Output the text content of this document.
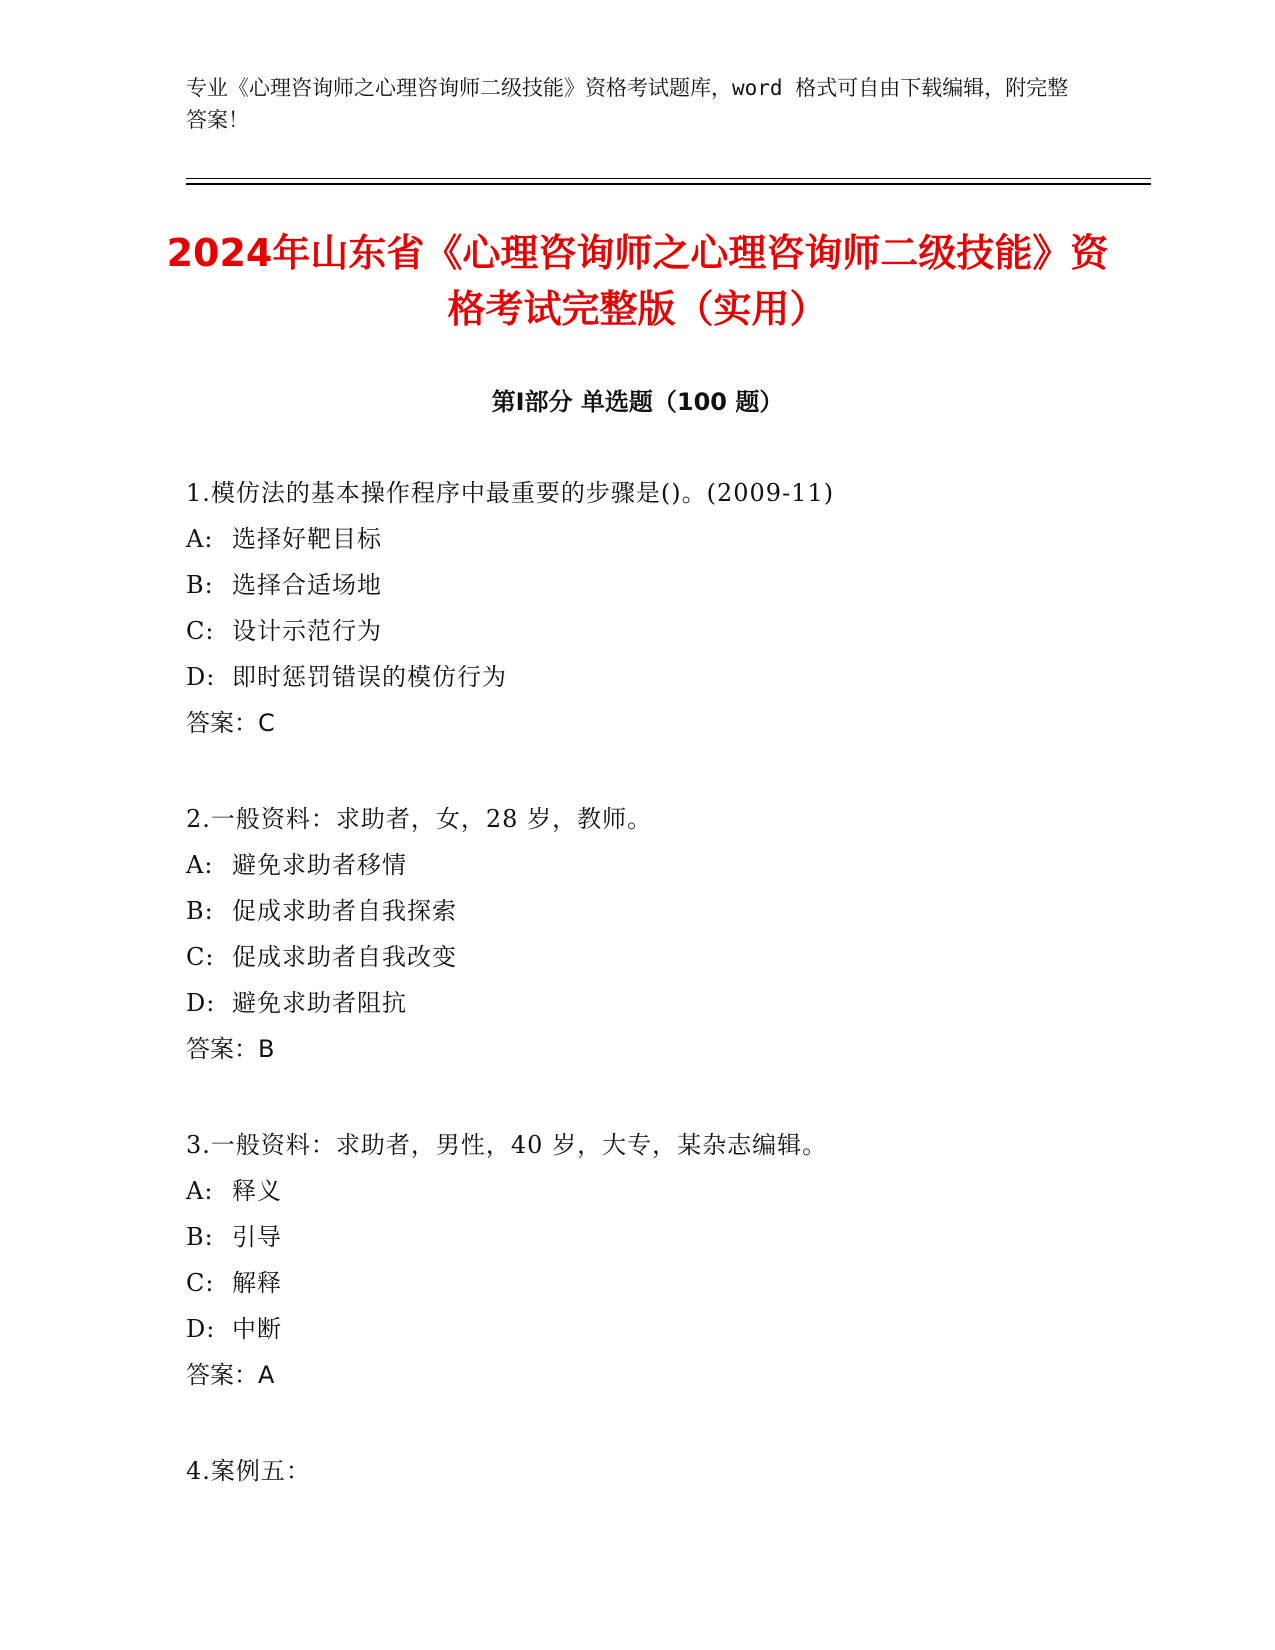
专业《心理咨询师之心理咨询师二级技能》资格考试题库，word 格式可自由下载编辑，附完整答案！
2024年山东省《心理咨询师之心理咨询师二级技能》资格考试完整版（实用）
第Ⅰ部分 单选题（100 题）
1.模仿法的基本操作程序中最重要的步骤是()。(2009-11)
A: 选择好靶目标
B: 选择合适场地
C: 设计示范行为
D: 即时惩罚错误的模仿行为
答案：C
2.一般资料：求助者，女，28 岁，教师。
A: 避免求助者移情
B: 促成求助者自我探索
C: 促成求助者自我改变
D: 避免求助者阻抗
答案：B
3.一般资料：求助者，男性，40 岁，大专，某杂志编辑。
A: 释义
B: 引导
C: 解释
D: 中断
答案：A
4.案例五：
